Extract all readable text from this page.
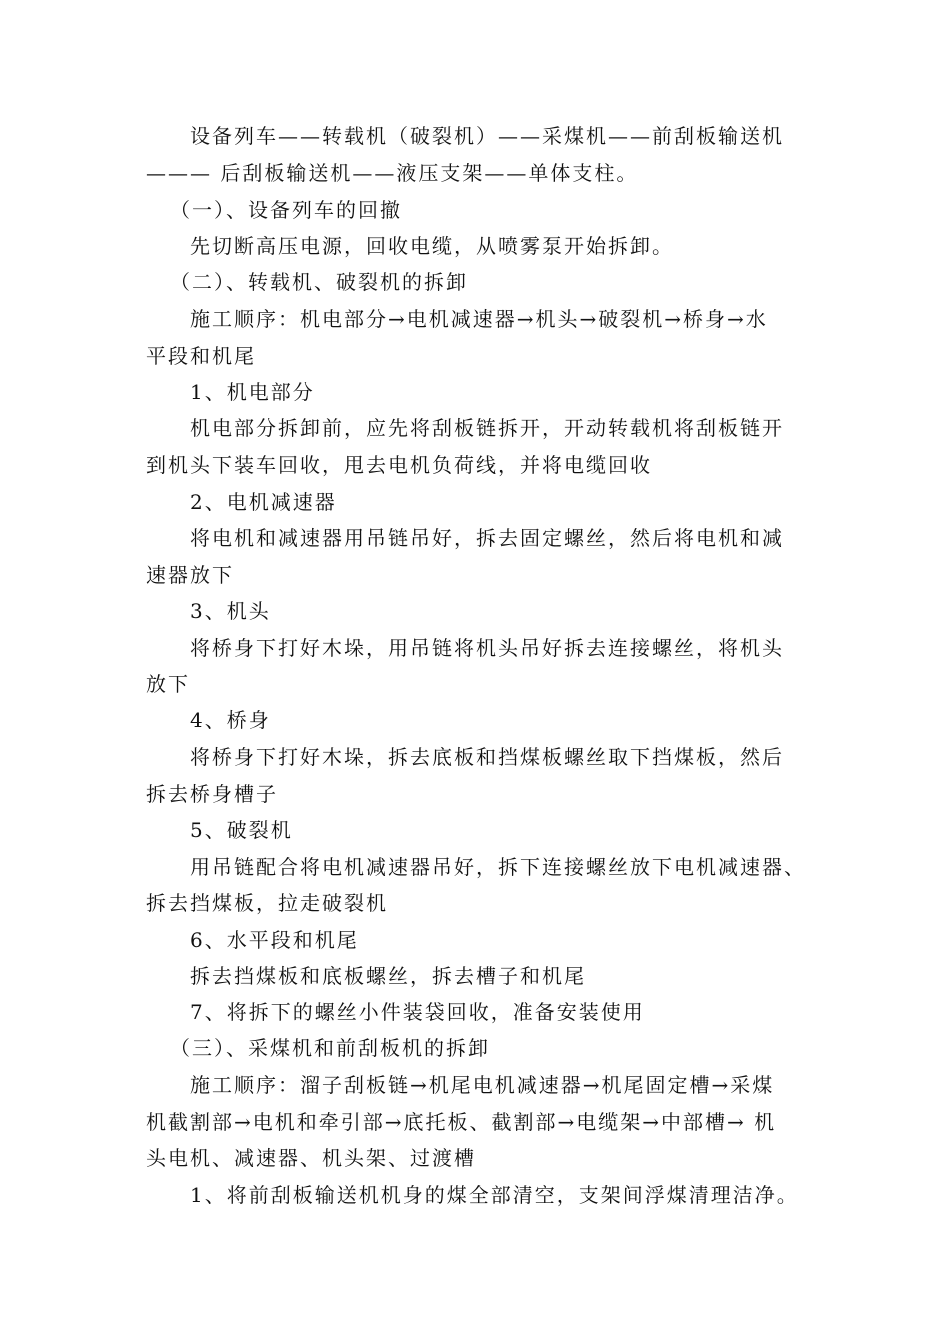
设备列车——转载机（破裂机）——采煤机——前刮板输送机

——— 后刮板输送机——液压支架——单体支柱。

（一）、设备列车的回撤

先切断高压电源，回收电缆，从喷雾泵开始拆卸。

（二）、转载机、破裂机的拆卸

施工顺序：机电部分→电机减速器→机头→破裂机→桥身→水

平段和机尾

1、机电部分

机电部分拆卸前，应先将刮板链拆开，开动转载机将刮板链开

到机头下装车回收，甩去电机负荷线，并将电缆回收

2、电机减速器

将电机和减速器用吊链吊好，拆去固定螺丝，然后将电机和减

速器放下

3、机头

将桥身下打好木垛，用吊链将机头吊好拆去连接螺丝，将机头

放下

4、桥身

将桥身下打好木垛，拆去底板和挡煤板螺丝取下挡煤板，然后

拆去桥身槽子

5、破裂机

用吊链配合将电机减速器吊好，拆下连接螺丝放下电机减速器、

拆去挡煤板，拉走破裂机

6、水平段和机尾

拆去挡煤板和底板螺丝，拆去槽子和机尾

7、将拆下的螺丝小件装袋回收，准备安装使用

（三）、采煤机和前刮板机的拆卸

施工顺序：溜子刮板链→机尾电机减速器→机尾固定槽→采煤

机截割部→电机和牵引部→底托板、截割部→电缆架→中部槽→ 机

头电机、减速器、机头架、过渡槽

1、将前刮板输送机机身的煤全部清空，支架间浮煤清理洁净。
